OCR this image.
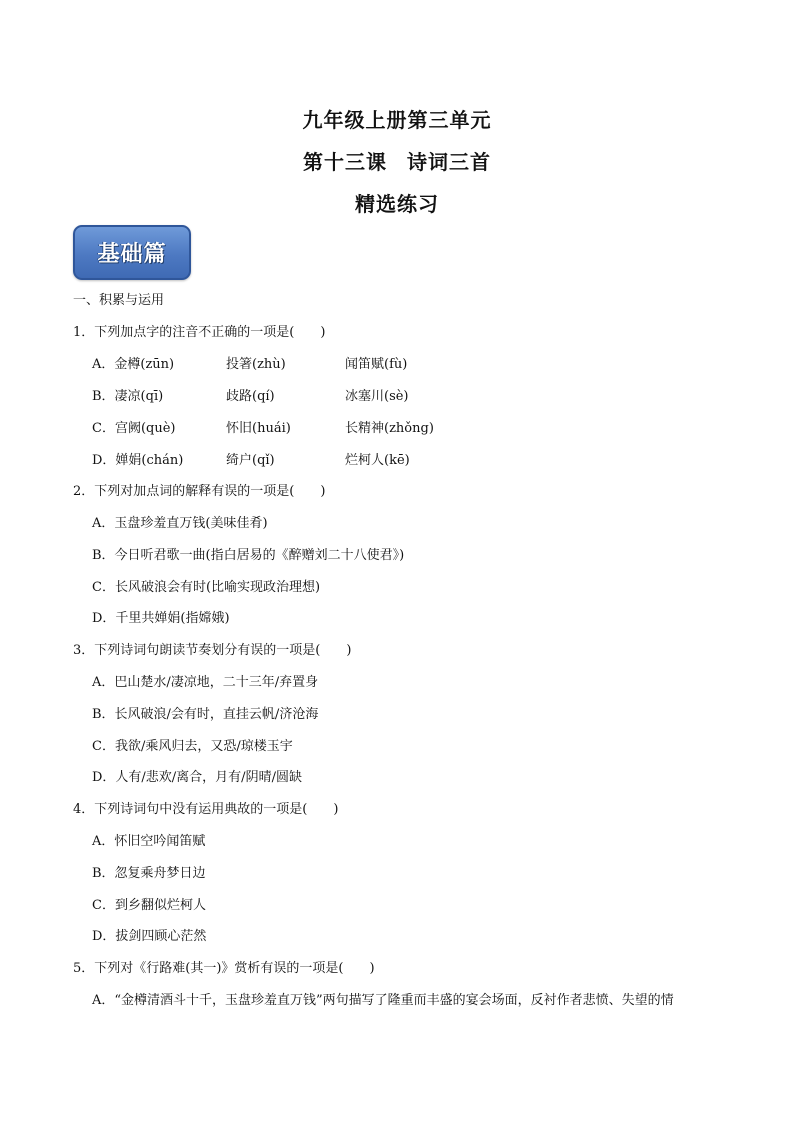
九年级上册第三单元
第十三课 诗词三首
精选练习
基础篇
一、积累与运用
1．下列加点字的注音不正确的一项是(　　)
A．金樽(zūn)	投箸(zhù)	闻笛赋(fù)
B．凄凉(qī)	歧路(qí)	冰塞川(sè)
C．宫阙(què)	怀旧(huái)	长精神(zhǒng)
D．婵娟(chán)	绮户(qǐ)	烂柯人(kē)
2．下列对加点词的解释有误的一项是(　　)
A．玉盘珍羞直万钱(美味佳肴)
B．今日听君歌一曲(指白居易的《醉赠刘二十八使君》)
C．长风破浪会有时(比喻实现政治理想)
D．千里共婵娟(指嫦娥)
3．下列诗词句朗读节奏划分有误的一项是(　　)
A．巴山楚水/凄凉地，二十三年/弃置身
B．长风破浪/会有时，直挂云帆/济沧海
C．我欲/乘风归去，又恐/琼楼玉宇
D．人有/悲欢/离合，月有/阴晴/圆缺
4．下列诗词句中没有运用典故的一项是(　　)
A．怀旧空吟闻笛赋
B．忽复乘舟梦日边
C．到乡翻似烂柯人
D．拔剑四顾心茫然
5．下列对《行路难(其一)》赏析有误的一项是(　　)
A．“金樽清酒斗十千，玉盘珍羞直万钱”两句描写了隆重而丰盛的宴会场面，反衬作者悲愤、失望的情
